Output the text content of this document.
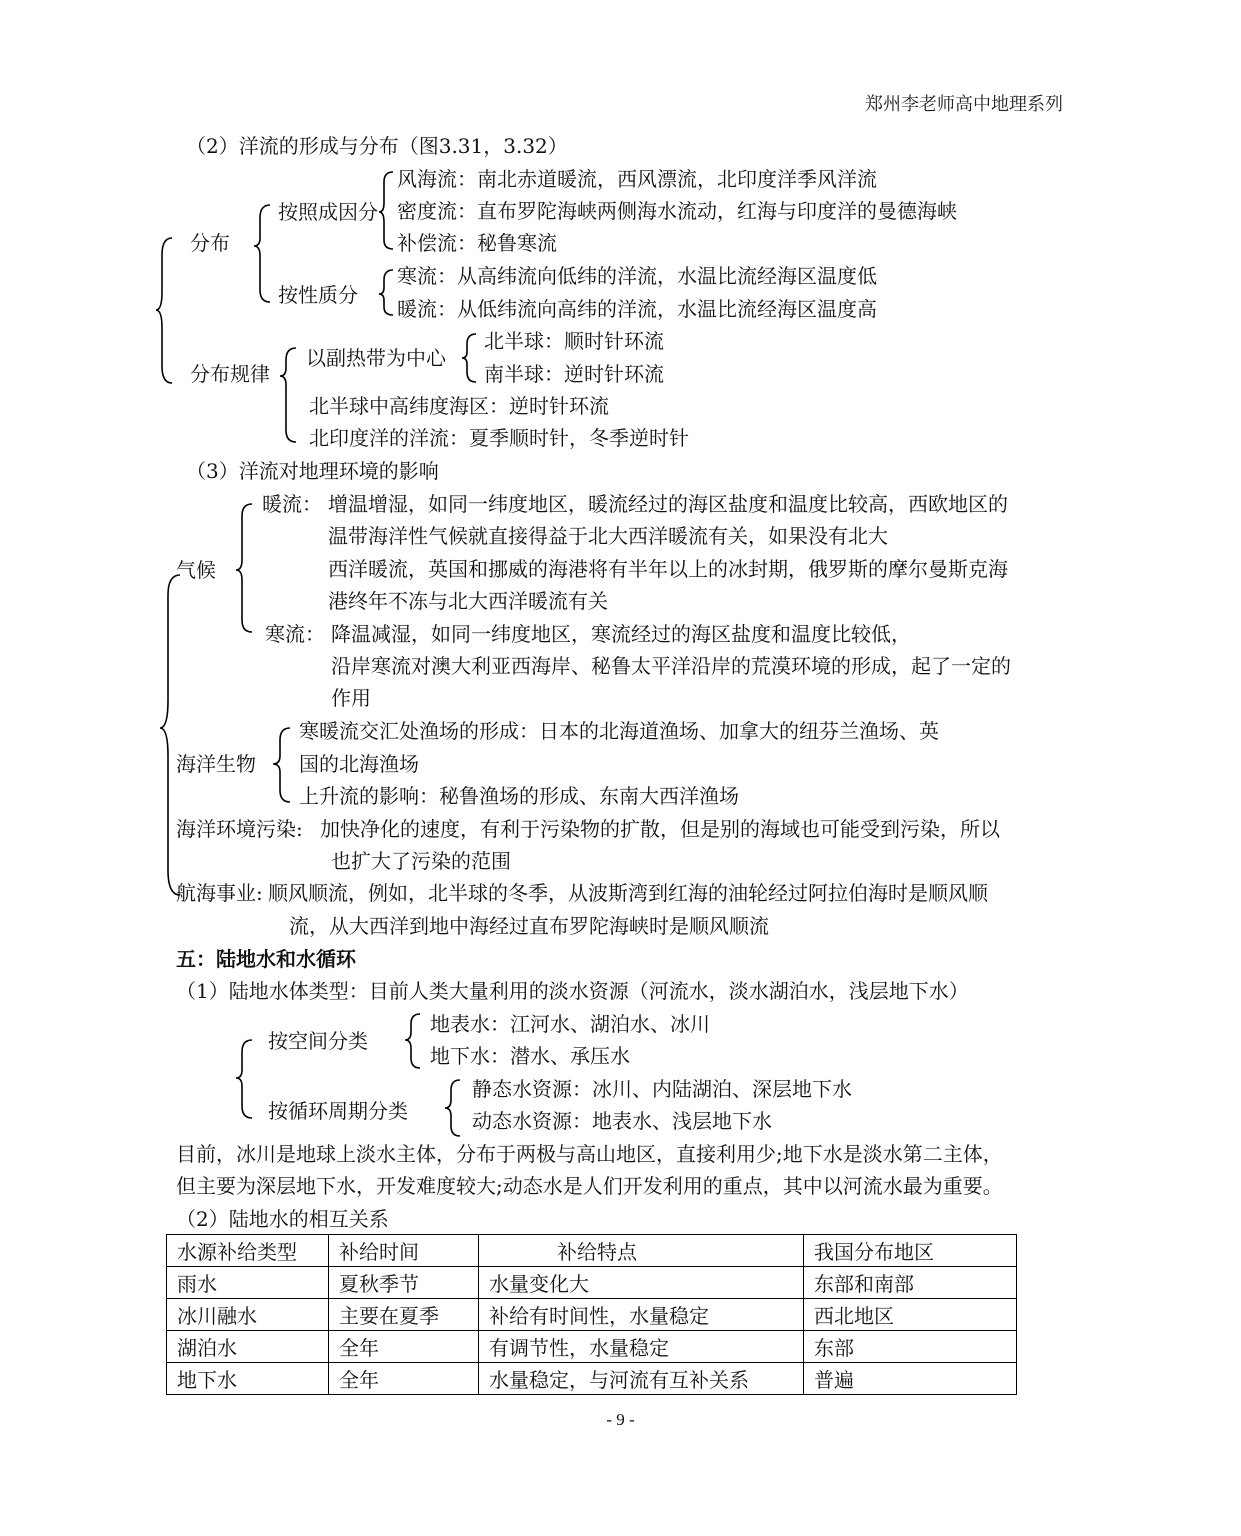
郑州李老师高中地理系列
（2）洋流的形成与分布（图3.31，3.32）
分布
按照成因分
风海流：南北赤道暖流，西风漂流，北印度洋季风洋流
密度流：直布罗陀海峡两侧海水流动，红海与印度洋的曼德海峡
补偿流：秘鲁寒流
按性质分
寒流：从高纬流向低纬的洋流，水温比流经海区温度低
暖流：从低纬流向高纬的洋流，水温比流经海区温度高
分布规律
以副热带为中心
北半球：顺时针环流
南半球：逆时针环流
北半球中高纬度海区：逆时针环流
北印度洋的洋流：夏季顺时针，冬季逆时针
（3）洋流对地理环境的影响
气候
暖流： 增温增湿，如同一纬度地区，暖流经过的海区盐度和温度比较高，西欧地区的
温带海洋性气候就直接得益于北大西洋暖流有关，如果没有北大
西洋暖流，英国和挪威的海港将有半年以上的冰封期，俄罗斯的摩尔曼斯克海
港终年不冻与北大西洋暖流有关
寒流： 降温减湿，如同一纬度地区，寒流经过的海区盐度和温度比较低，
沿岸寒流对澳大利亚西海岸、秘鲁太平洋沿岸的荒漠环境的形成，起了一定的
作用
海洋生物
寒暖流交汇处渔场的形成：日本的北海道渔场、加拿大的纽芬兰渔场、英
国的北海渔场
上升流的影响：秘鲁渔场的形成、东南大西洋渔场
海洋环境污染: 加快净化的速度，有利于污染物的扩散，但是别的海域也可能受到污染，所以
也扩大了污染的范围
航海事业: 顺风顺流，例如，北半球的冬季，从波斯湾到红海的油轮经过阿拉伯海时是顺风顺
流，从大西洋到地中海经过直布罗陀海峡时是顺风顺流
五：陆地水和水循环
（1）陆地水体类型：目前人类大量利用的淡水资源（河流水，淡水湖泊水，浅层地下水）
按空间分类
地表水：江河水、湖泊水、冰川
地下水：潜水、承压水
按循环周期分类
静态水资源：冰川、内陆湖泊、深层地下水
动态水资源：地表水、浅层地下水
目前，冰川是地球上淡水主体，分布于两极与高山地区，直接利用少;地下水是淡水第二主体，
但主要为深层地下水，开发难度较大;动态水是人们开发利用的重点，其中以河流水最为重要。
（2）陆地水的相互关系
水源补给类型	补给时间	补给特点	我国分布地区
雨水	夏秋季节	水量变化大	东部和南部
冰川融水	主要在夏季	补给有时间性，水量稳定	西北地区
湖泊水	全年	有调节性，水量稳定	东部
地下水	全年	水量稳定，与河流有互补关系	普遍
- 9 -
